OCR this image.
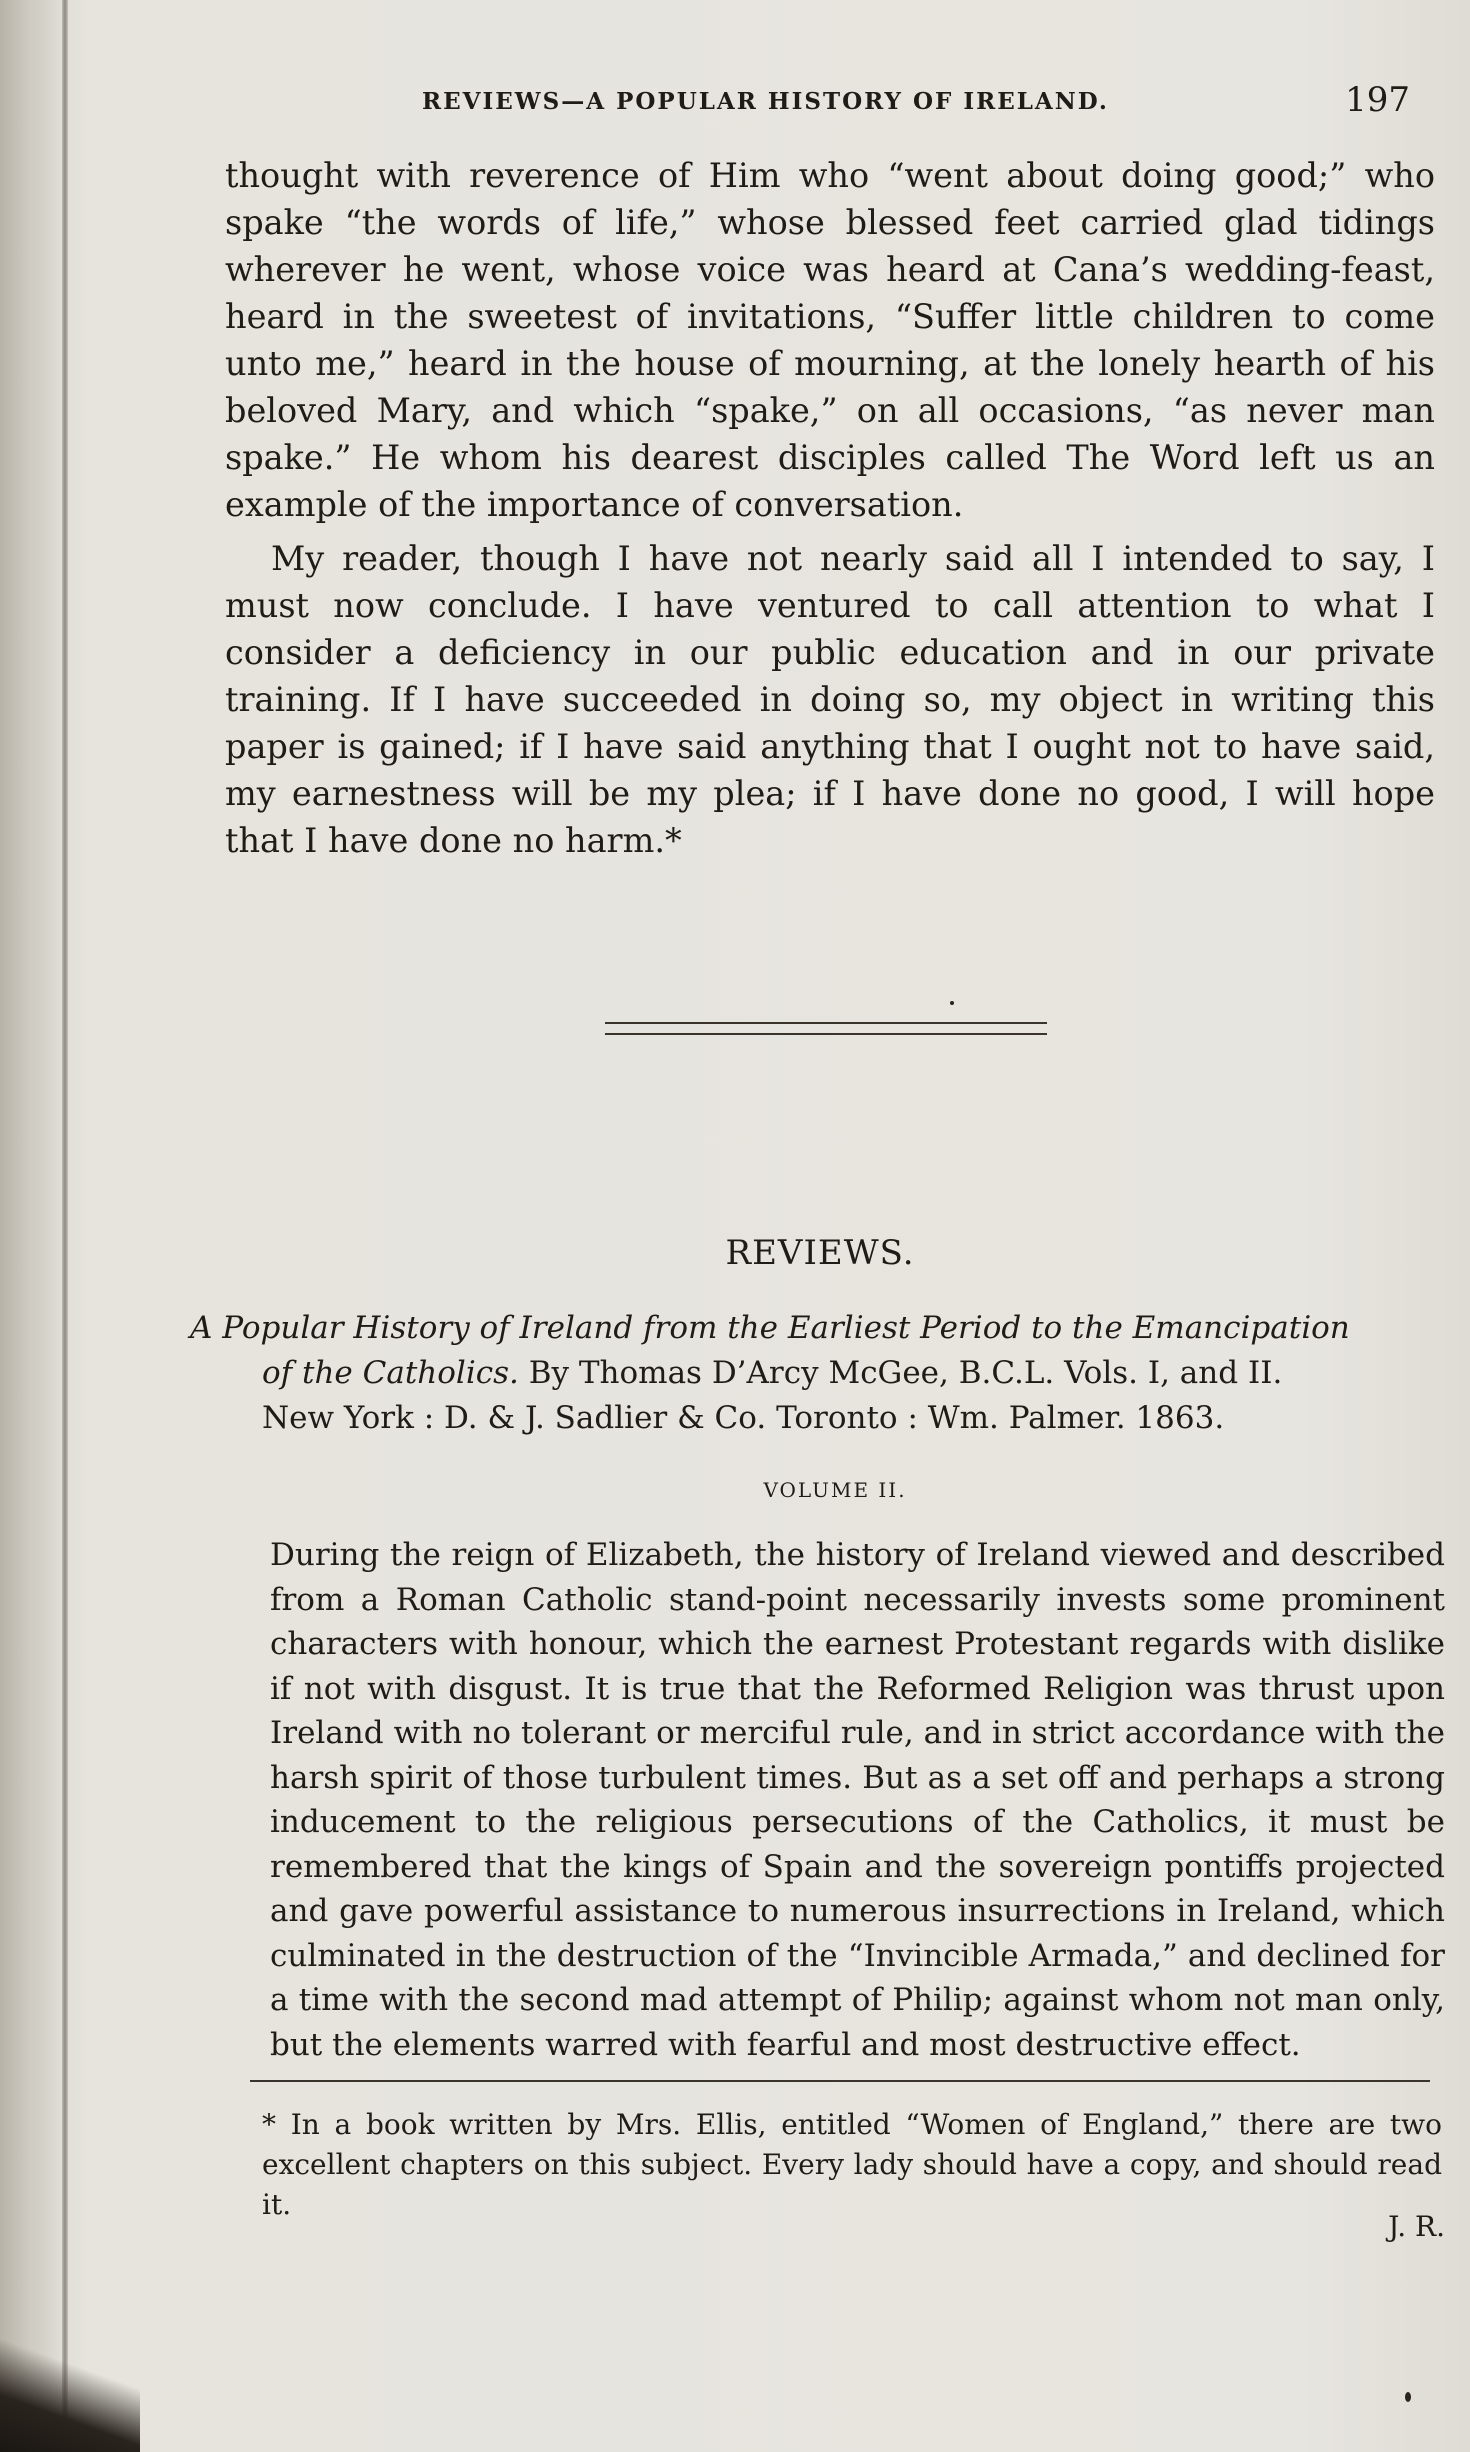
REVIEWS—A POPULAR HISTORY OF IRELAND.	197
thought with reverence of Him who “went about doing good;” who spake “the words of life,” whose blessed feet carried glad tidings wherever he went, whose voice was heard at Cana’s wedding-feast, heard in the sweetest of invitations, “Suffer little children to come unto me,” heard in the house of mourning, at the lonely hearth of his beloved Mary, and which “spake,” on all occasions, “as never man spake.” He whom his dearest disciples called The Word left us an example of the importance of conversation.
My reader, though I have not nearly said all I intended to say, I must now conclude. I have ventured to call attention to what I consider a deficiency in our public education and in our private training. If I have succeeded in doing so, my object in writing this paper is gained; if I have said anything that I ought not to have said, my earnestness will be my plea; if I have done no good, I will hope that I have done no harm.*
REVIEWS.
A Popular History of Ireland from the Earliest Period to the Emancipation
of the Catholics. By Thomas D’Arcy McGee, B.C.L. Vols. I, and II.
New York : D. & J. Sadlier & Co. Toronto : Wm. Palmer. 1863.
VOLUME II.
During the reign of Elizabeth, the history of Ireland viewed and described from a Roman Catholic stand-point necessarily invests some prominent characters with honour, which the earnest Protestant regards with dislike if not with disgust. It is true that the Reformed Religion was thrust upon Ireland with no tolerant or merciful rule, and in strict accordance with the harsh spirit of those turbulent times. But as a set off and perhaps a strong inducement to the religious persecutions of the Catholics, it must be remembered that the kings of Spain and the sovereign pontiffs projected and gave powerful assistance to numerous insurrections in Ireland, which culminated in the destruction of the “Invincible Armada,” and declined for a time with the second mad attempt of Philip; against whom not man only, but the elements warred with fearful and most destructive effect.
* In a book written by Mrs. Ellis, entitled “Women of England,” there are two excellent chapters on this subject. Every lady should have a copy, and should read it.
J. R.
